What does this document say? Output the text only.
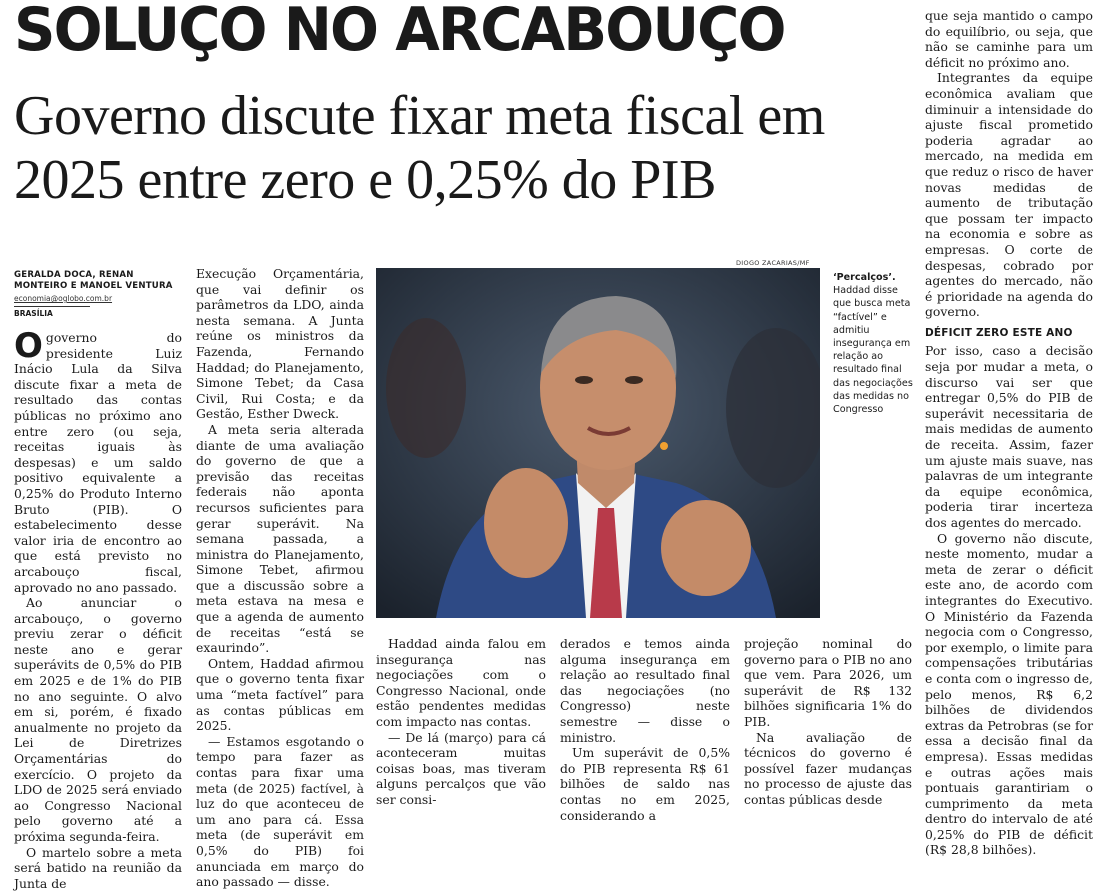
SOLUÇO NO ARCABOUÇO
Governo discute fixar meta fiscal em 2025 entre zero e 0,25% do PIB
GERALDA DOCA, RENAN MONTEIRO E MANOEL VENTURA
economia@oglobo.com.br
BRASÍLIA

Ogoverno do presidente Luiz Inácio Lula da Silva discute fixar a meta de resultado das contas públicas no próximo ano entre zero (ou seja, receitas iguais às despesas) e um saldo positivo equivalente a 0,25% do Produto Interno Bruto (PIB). O estabelecimento desse valor iria de encontro ao que está previsto no arcabouço fiscal, aprovado no ano passado.

Ao anunciar o arcabouço, o governo previu zerar o déficit neste ano e gerar superávits de 0,5% do PIB em 2025 e de 1% do PIB no ano seguinte. O alvo em si, porém, é fixado anualmente no projeto da Lei de Diretrizes Orçamentárias do exercício. O projeto da LDO de 2025 será enviado ao Congresso Nacional pelo governo até a próxima segunda-feira.

O martelo sobre a meta será batido na reunião da Junta de

Execução Orçamentária, que vai definir os parâmetros da LDO, ainda nesta semana. A Junta reúne os ministros da Fazenda, Fernando Haddad; do Planejamento, Simone Tebet; da Casa Civil, Rui Costa; e da Gestão, Esther Dweck.

A meta seria alterada diante de uma avaliação do governo de que a previsão das receitas federais não aponta recursos suficientes para gerar superávit. Na semana passada, a ministra do Planejamento, Simone Tebet, afirmou que a discussão sobre a meta estava na mesa e que a agenda de aumento de receitas “está se exaurindo”.

Ontem, Haddad afirmou que o governo tenta fixar uma “meta factível” para as contas públicas em 2025.

— Estamos esgotando o tempo para fazer as contas para fixar uma meta (de 2025) factível, à luz do que aconteceu de um ano para cá. Essa meta (de superávit em 0,5% do PIB) foi anunciada em março do ano passado — disse.

DIOGO ZACARIAS/MF
‘Percalços’. Haddad disse que busca meta “factível” e admitiu insegurança em relação ao resultado final das negociações das medidas no Congresso

Haddad ainda falou em insegurança nas negociações com o Congresso Nacional, onde estão pendentes medidas com impacto nas contas.

— De lá (março) para cá aconteceram muitas coisas boas, mas tiveram alguns percalços que vão ser consi-

derados e temos ainda alguma insegurança em relação ao resultado final das negociações (no Congresso) neste semestre — disse o ministro.

Um superávit de 0,5% do PIB representa R$ 61 bilhões de saldo nas contas no em 2025, considerando a

projeção nominal do governo para o PIB no ano que vem. Para 2026, um superávit de R$ 132 bilhões significaria 1% do PIB.

Na avaliação de técnicos do governo é possível fazer mudanças no processo de ajuste das contas públicas desde

que seja mantido o campo do equilíbrio, ou seja, que não se caminhe para um déficit no próximo ano.

Integrantes da equipe econômica avaliam que diminuir a intensidade do ajuste fiscal prometido poderia agradar ao mercado, na medida em que reduz o risco de haver novas medidas de aumento de tributação que possam ter impacto na economia e sobre as empresas. O corte de despesas, cobrado por agentes do mercado, não é prioridade na agenda do governo.

DÉFICIT ZERO ESTE ANO

Por isso, caso a decisão seja por mudar a meta, o discurso vai ser que entregar 0,5% do PIB de superávit necessitaria de mais medidas de aumento de receita. Assim, fazer um ajuste mais suave, nas palavras de um integrante da equipe econômica, poderia tirar incerteza dos agentes do mercado.

O governo não discute, neste momento, mudar a meta de zerar o déficit este ano, de acordo com integrantes do Executivo. O Ministério da Fazenda negocia com o Congresso, por exemplo, o limite para compensações tributárias e conta com o ingresso de, pelo menos, R$ 6,2 bilhões de dividendos extras da Petrobras (se for essa a decisão final da empresa). Essas medidas e outras ações mais pontuais garantiriam o cumprimento da meta dentro do intervalo de até 0,25% do PIB de déficit (R$ 28,8 bilhões).
